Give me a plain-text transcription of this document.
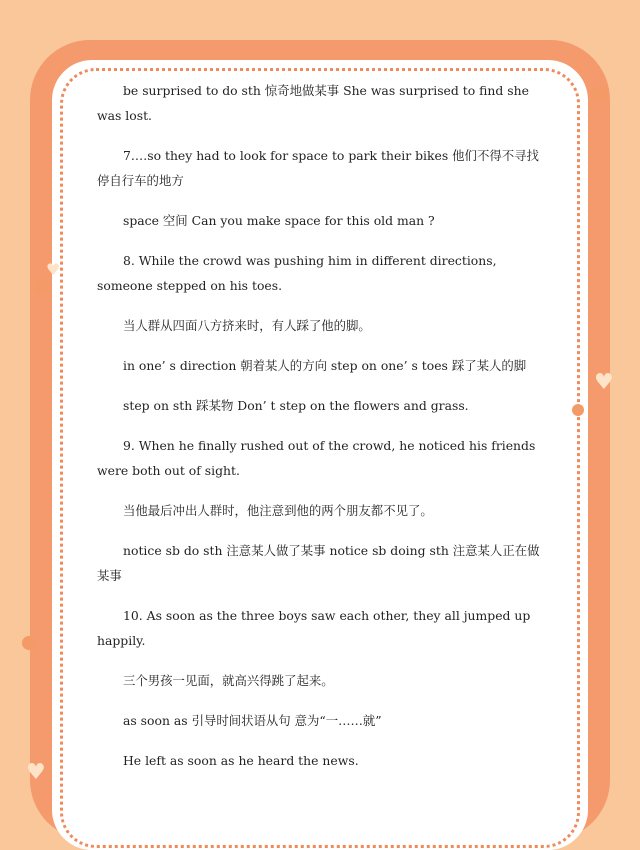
♥
♥
♥

be surprised to do sth 惊奇地做某事 She was surprised to find she was lost.

7.…so they had to look for space to park their bikes 他们不得不寻找停自行车的地方

space 空间 Can you make space for this old man ?

8. While the crowd was pushing him in different directions, someone stepped on his toes.

当人群从四面八方挤来时，有人踩了他的脚。

in one’ s direction 朝着某人的方向 step on one’ s toes 踩了某人的脚

step on sth 踩某物 Don’ t step on the flowers and grass.

9. When he finally rushed out of the crowd, he noticed his friends were both out of sight.

当他最后冲出人群时，他注意到他的两个朋友都不见了。

notice sb do sth 注意某人做了某事 notice sb doing sth 注意某人正在做某事

10. As soon as the three boys saw each other, they all jumped up happily.

三个男孩一见面，就高兴得跳了起来。

as soon as 引导时间状语从句 意为“一……就”

He left as soon as he heard the news.
